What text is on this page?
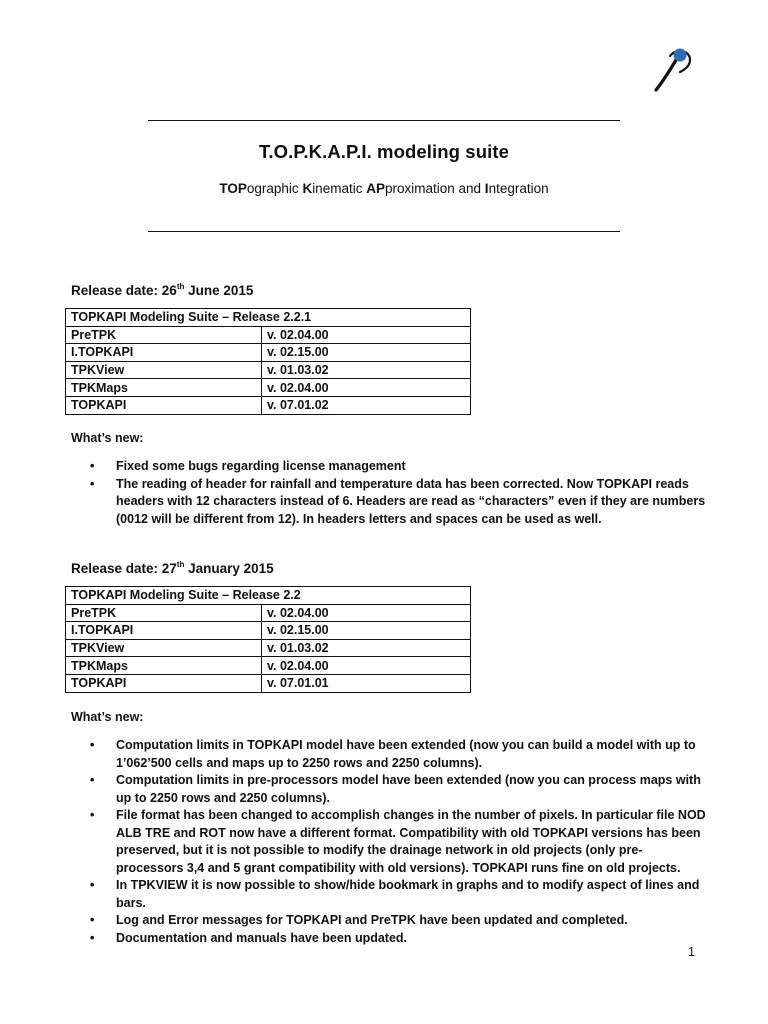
T.O.P.K.A.P.I. modeling suite
TOPographic Kinematic APproximation and Integration
Release date: 26th June 2015
TOPKAPI Modeling Suite – Release 2.2.1	
PreTPK	v. 02.04.00
I.TOPKAPI	v. 02.15.00
TPKView	v. 01.03.02
TPKMaps	v. 02.04.00
TOPKAPI	v. 07.01.02
What’s new:
• Fixed some bugs regarding license management
• The reading of header for rainfall and temperature data has been corrected. Now TOPKAPI reads headers with 12 characters instead of 6. Headers are read as “characters” even if they are numbers (0012 will be different from 12). In headers letters and spaces can be used as well.
Release date: 27th January 2015
TOPKAPI Modeling Suite – Release 2.2	
PreTPK	v. 02.04.00
I.TOPKAPI	v. 02.15.00
TPKView	v. 01.03.02
TPKMaps	v. 02.04.00
TOPKAPI	v. 07.01.01
What’s new:
• Computation limits in TOPKAPI model have been extended (now you can build a model with up to 1’062’500 cells and maps up to 2250 rows and 2250 columns).
• Computation limits in pre-processors model have been extended (now you can process maps with up to 2250 rows and 2250 columns).
• File format has been changed to accomplish changes in the number of pixels. In particular file NOD ALB TRE and ROT now have a different format. Compatibility with old TOPKAPI versions has been preserved, but it is not possible to modify the drainage network in old projects (only pre-processors 3,4 and 5 grant compatibility with old versions). TOPKAPI runs fine on old projects.
• In TPKVIEW it is now possible to show/hide bookmark in graphs and to modify aspect of lines and bars.
• Log and Error messages for TOPKAPI and PreTPK have been updated and completed.
• Documentation and manuals have been updated.
1
